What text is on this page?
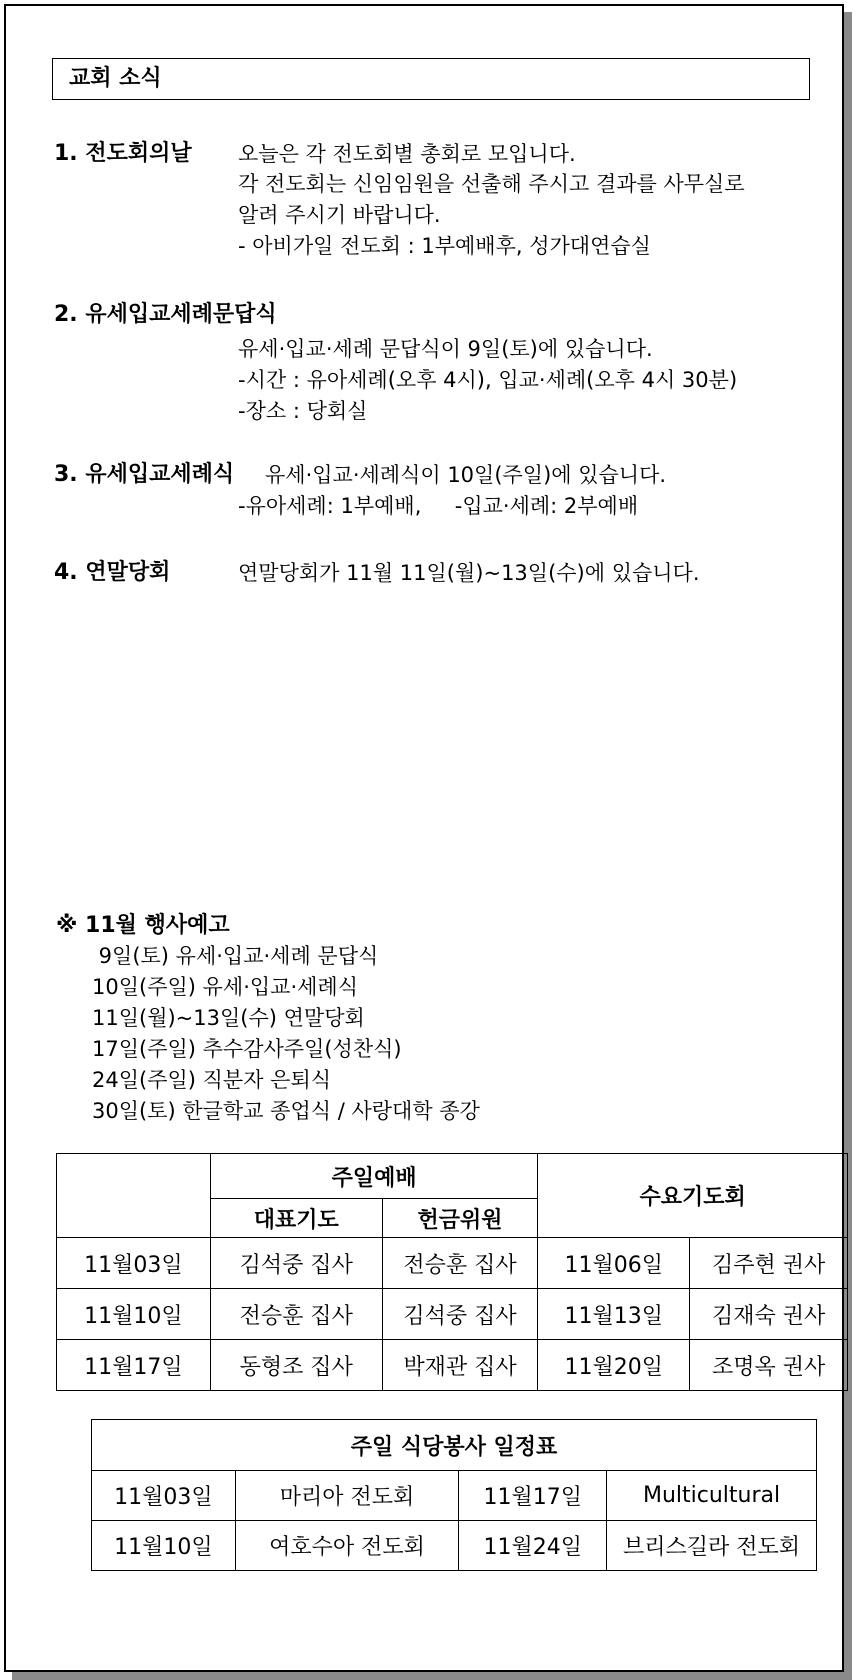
교회 소식
1. 전도회의날 오늘은 각 전도회별 총회로 모입니다.
각 전도회는 신임임원을 선출해 주시고 결과를 사무실로
알려 주시기 바랍니다.
- 아비가일 전도회 : 1부예배후, 성가대연습실
2. 유세입교세례문답식
유세·입교·세례 문답식이 9일(토)에 있습니다.
-시간 : 유아세례(오후 4시), 입교·세례(오후 4시 30분)
-장소 : 당회실
3. 유세입교세례식 유세·입교·세례식이 10일(주일)에 있습니다.
-유아세례: 1부예배,     -입교·세례: 2부예배
4. 연말당회	연말당회가 11월 11일(월)~13일(수)에 있습니다.
※ 11월 행사예고
9일(토) 유세·입교·세례 문답식
10일(주일) 유세·입교·세례식
11일(월)~13일(수) 연말당회
17일(주일) 추수감사주일(성찬식)
24일(주일) 직분자 은퇴식
30일(토) 한글학교 종업식 / 사랑대학 종강
	주일예배		수요기도회	
	대표기도	헌금위원		
11월03일	김석중 집사	전승훈 집사	11월06일	김주현 권사
11월10일	전승훈 집사	김석중 집사	11월13일	김재숙 권사
11월17일	동형조 집사	박재관 집사	11월20일	조명옥 권사
주일 식당봉사 일정표			
11월03일	마리아 전도회	11월17일	Multicultural
11월10일	여호수아 전도회	11월24일	브리스길라 전도회
